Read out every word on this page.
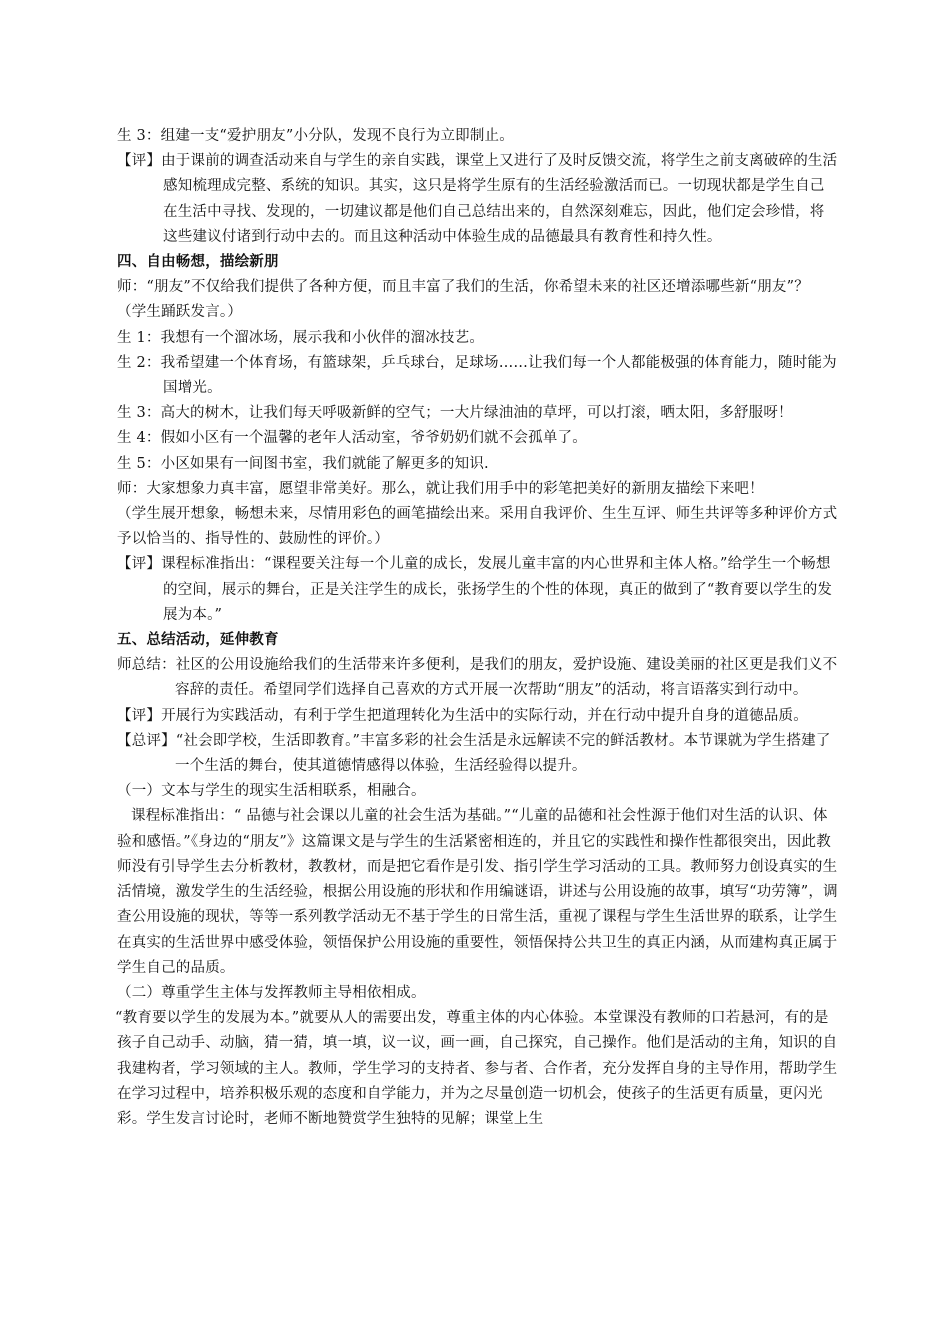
生 3：组建一支“爱护朋友”小分队，发现不良行为立即制止。

【评】由于课前的调查活动来自与学生的亲自实践，课堂上又进行了及时反馈交流，将学生之前支离破碎的生活感知梳理成完整、系统的知识。其实，这只是将学生原有的生活经验激活而已。一切现状都是学生自己在生活中寻找、发现的，一切建议都是他们自己总结出来的，自然深刻难忘，因此，他们定会珍惜，将这些建议付诸到行动中去的。而且这种活动中体验生成的品德最具有教育性和持久性。

四、自由畅想，描绘新朋

师：“朋友”不仅给我们提供了各种方便，而且丰富了我们的生活，你希望未来的社区还增添哪些新“朋友”？

（学生踊跃发言。）

生 1：我想有一个溜冰场，展示我和小伙伴的溜冰技艺。

生 2：我希望建一个体育场，有篮球架，乒乓球台，足球场……让我们每一个人都能极强的体育能力，随时能为国增光。

生 3：高大的树木，让我们每天呼吸新鲜的空气；一大片绿油油的草坪，可以打滚，晒太阳，多舒服呀！

生 4：假如小区有一个温馨的老年人活动室，爷爷奶奶们就不会孤单了。

生 5：小区如果有一间图书室，我们就能了解更多的知识.

师：大家想象力真丰富，愿望非常美好。那么，就让我们用手中的彩笔把美好的新朋友描绘下来吧！

（学生展开想象，畅想未来，尽情用彩色的画笔描绘出来。采用自我评价、生生互评、师生共评等多种评价方式予以恰当的、指导性的、鼓励性的评价。）

【评】课程标准指出：“课程要关注每一个儿童的成长，发展儿童丰富的内心世界和主体人格。”给学生一个畅想的空间，展示的舞台，正是关注学生的成长，张扬学生的个性的体现，真正的做到了“教育要以学生的发展为本。”

五、总结活动，延伸教育

师总结：社区的公用设施给我们的生活带来许多便利，是我们的朋友，爱护设施、建设美丽的社区更是我们义不容辞的责任。希望同学们选择自己喜欢的方式开展一次帮助“朋友”的活动，将言语落实到行动中。

【评】开展行为实践活动，有利于学生把道理转化为生活中的实际行动，并在行动中提升自身的道德品质。

【总评】“社会即学校，生活即教育。”丰富多彩的社会生活是永远解读不完的鲜活教材。本节课就为学生搭建了一个生活的舞台，使其道德情感得以体验，生活经验得以提升。

（一）文本与学生的现实生活相联系，相融合。

课程标准指出：“ 品德与社会课以儿童的社会生活为基础。”“儿童的品德和社会性源于他们对生活的认识、体验和感悟。”《身边的“朋友”》这篇课文是与学生的生活紧密相连的，并且它的实践性和操作性都很突出，因此教师没有引导学生去分析教材，教教材，而是把它看作是引发、指引学生学习活动的工具。教师努力创设真实的生活情境，激发学生的生活经验，根据公用设施的形状和作用编谜语，讲述与公用设施的故事，填写“功劳簿”，调查公用设施的现状，等等一系列教学活动无不基于学生的日常生活，重视了课程与学生生活世界的联系，让学生在真实的生活世界中感受体验，领悟保护公用设施的重要性，领悟保持公共卫生的真正内涵，从而建构真正属于学生自己的品质。

（二）尊重学生主体与发挥教师主导相依相成。

“教育要以学生的发展为本。”就要从人的需要出发，尊重主体的内心体验。本堂课没有教师的口若悬河，有的是孩子自己动手、动脑，猜一猜，填一填，议一议，画一画，自己探究，自己操作。他们是活动的主角，知识的自我建构者，学习领域的主人。教师，学生学习的支持者、参与者、合作者，充分发挥自身的主导作用，帮助学生在学习过程中，培养积极乐观的态度和自学能力，并为之尽量创造一切机会，使孩子的生活更有质量，更闪光彩。学生发言讨论时，老师不断地赞赏学生独特的见解；课堂上生
